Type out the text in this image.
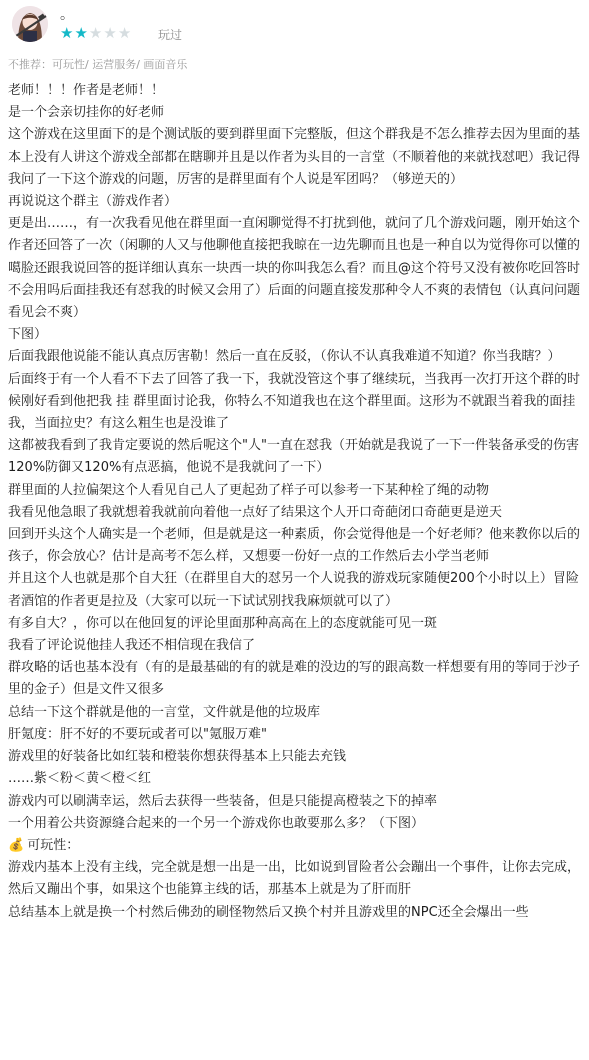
。
★★★★★ 玩过
不推荐：可玩性/ 运营服务/ 画面音乐

老师！！！作者是老师！！

是一个会亲切挂你的好老师

这个游戏在这里面下的是个测试版的要到群里面下完整版，但这个群我是不怎么推荐去因为里面的基本上没有人讲这个游戏全部都在瞎聊并且是以作者为头目的一言堂（不顺着他的来就找怼吧）我记得我问了一下这个游戏的问题，厉害的是群里面有个人说是军团吗？（够逆天的）

再说说这个群主（游戏作者）

更是出……，有一次我看见他在群里面一直闲聊觉得不打扰到他，就问了几个游戏问题，刚开始这个作者还回答了一次（闲聊的人又与他聊他直接把我晾在一边先聊而且也是一种自以为觉得你可以懂的噶脸还跟我说回答的挺详细认真东一块西一块的你叫我怎么看？而且@这个符号又没有被你吃回答时不会用吗后面挂我还有怼我的时候又会用了）后面的问题直接发那种令人不爽的表情包（认真问问题看见会不爽）

下图）

后面我跟他说能不能认真点厉害勒！然后一直在反驳，（你认不认真我难道不知道？你当我瞎？）

后面终于有一个人看不下去了回答了我一下，我就没管这个事了继续玩，当我再一次打开这个群的时候刚好看到他把我 挂 群里面讨论我，你特么不知道我也在这个群里面。这形为不就跟当着我的面挂我，当面拉史？有这么粗生也是没谁了

这都被我看到了我肯定要说的然后呢这个"人"一直在怼我（开始就是我说了一下一件装备承受的伤害120%防御又120%有点恶搞，他说不是我就问了一下）

群里面的人拉偏架这个人看见自己人了更起劲了样子可以参考一下某种栓了绳的动物

我看见他急眼了我就想着我就前向着他一点好了结果这个人开口奇葩闭口奇葩更是逆天

回到开头这个人确实是一个老师，但是就是这一种素质，你会觉得他是一个好老师？他来教你以后的孩子，你会放心？估计是高考不怎么样，又想要一份好一点的工作然后去小学当老师

并且这个人也就是那个自大狂（在群里自大的怼另一个人说我的游戏玩家随便200个小时以上）冒险者酒馆的作者更是拉及（大家可以玩一下试试别找我麻烦就可以了）

有多自大？，你可以在他回复的评论里面那种高高在上的态度就能可见一斑

我看了评论说他挂人我还不相信现在我信了

群攻略的话也基本没有（有的是最基础的有的就是难的没边的写的跟高数一样想要有用的等同于沙子里的金子）但是文件又很多

总结一下这个群就是他的一言堂，文件就是他的垃圾库

肝氪度：肝不好的不要玩或者可以"氪服万难"

游戏里的好装备比如红装和橙装你想获得基本上只能去充钱

……紫＜粉＜黄＜橙＜红

游戏内可以刷满幸运，然后去获得一些装备，但是只能提高橙装之下的掉率

一个用着公共资源缝合起来的一个另一个游戏你也敢要那么多？（下图）

💰 可玩性：

游戏内基本上没有主线，完全就是想一出是一出，比如说到冒险者公会蹦出一个事件，让你去完成，然后又蹦出个事，如果这个也能算主线的话，那基本上就是为了肝而肝

总结基本上就是换一个村然后佛劲的刷怪物然后又换个村并且游戏里的NPC还全会爆出一些
